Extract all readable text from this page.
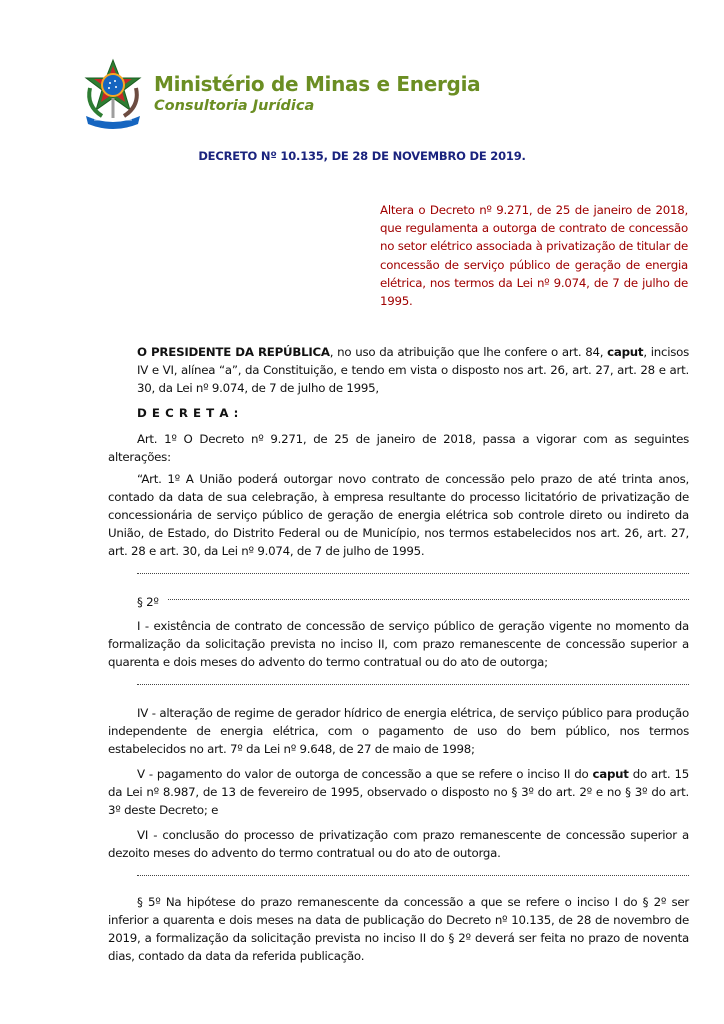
Ministério de Minas e Energia
Consultoria Jurídica
DECRETO Nº 10.135, DE 28 DE NOVEMBRO DE 2019.
Altera o Decreto nº 9.271, de 25 de janeiro de 2018, que regulamenta a outorga de contrato de concessão no setor elétrico associada à privatização de titular de concessão de serviço público de geração de energia elétrica, nos termos da Lei nº 9.074, de 7 de julho de 1995.
O PRESIDENTE DA REPÚBLICA, no uso da atribuição que lhe confere o art. 84, caput, incisos IV e VI, alínea “a”, da Constituição, e tendo em vista o disposto nos art. 26, art. 27, art. 28 e art. 30, da Lei nº 9.074, de 7 de julho de 1995,
D E C R E T A :
Art. 1º O Decreto nº 9.271, de 25 de janeiro de 2018, passa a vigorar com as seguintes alterações:
“Art. 1º A União poderá outorgar novo contrato de concessão pelo prazo de até trinta anos, contado da data de sua celebração, à empresa resultante do processo licitatório de privatização de concessionária de serviço público de geração de energia elétrica sob controle direto ou indireto da União, de Estado, do Distrito Federal ou de Município, nos termos estabelecidos nos art. 26, art. 27, art. 28 e art. 30, da Lei nº 9.074, de 7 de julho de 1995.
§ 2º
I - existência de contrato de concessão de serviço público de geração vigente no momento da formalização da solicitação prevista no inciso II, com prazo remanescente de concessão superior a quarenta e dois meses do advento do termo contratual ou do ato de outorga;
IV - alteração de regime de gerador hídrico de energia elétrica, de serviço público para produção independente de energia elétrica, com o pagamento de uso do bem público, nos termos estabelecidos no art. 7º da Lei nº 9.648, de 27 de maio de 1998;
V - pagamento do valor de outorga de concessão a que se refere o inciso II do caput do art. 15 da Lei nº 8.987, de 13 de fevereiro de 1995, observado o disposto no § 3º do art. 2º e no § 3º do art. 3º deste Decreto; e
VI - conclusão do processo de privatização com prazo remanescente de concessão superior a dezoito meses do advento do termo contratual ou do ato de outorga.
§ 5º Na hipótese do prazo remanescente da concessão a que se refere o inciso I do § 2º ser inferior a quarenta e dois meses na data de publicação do Decreto nº 10.135, de 28 de novembro de 2019, a formalização da solicitação prevista no inciso II do § 2º deverá ser feita no prazo de noventa dias, contado da data da referida publicação.
